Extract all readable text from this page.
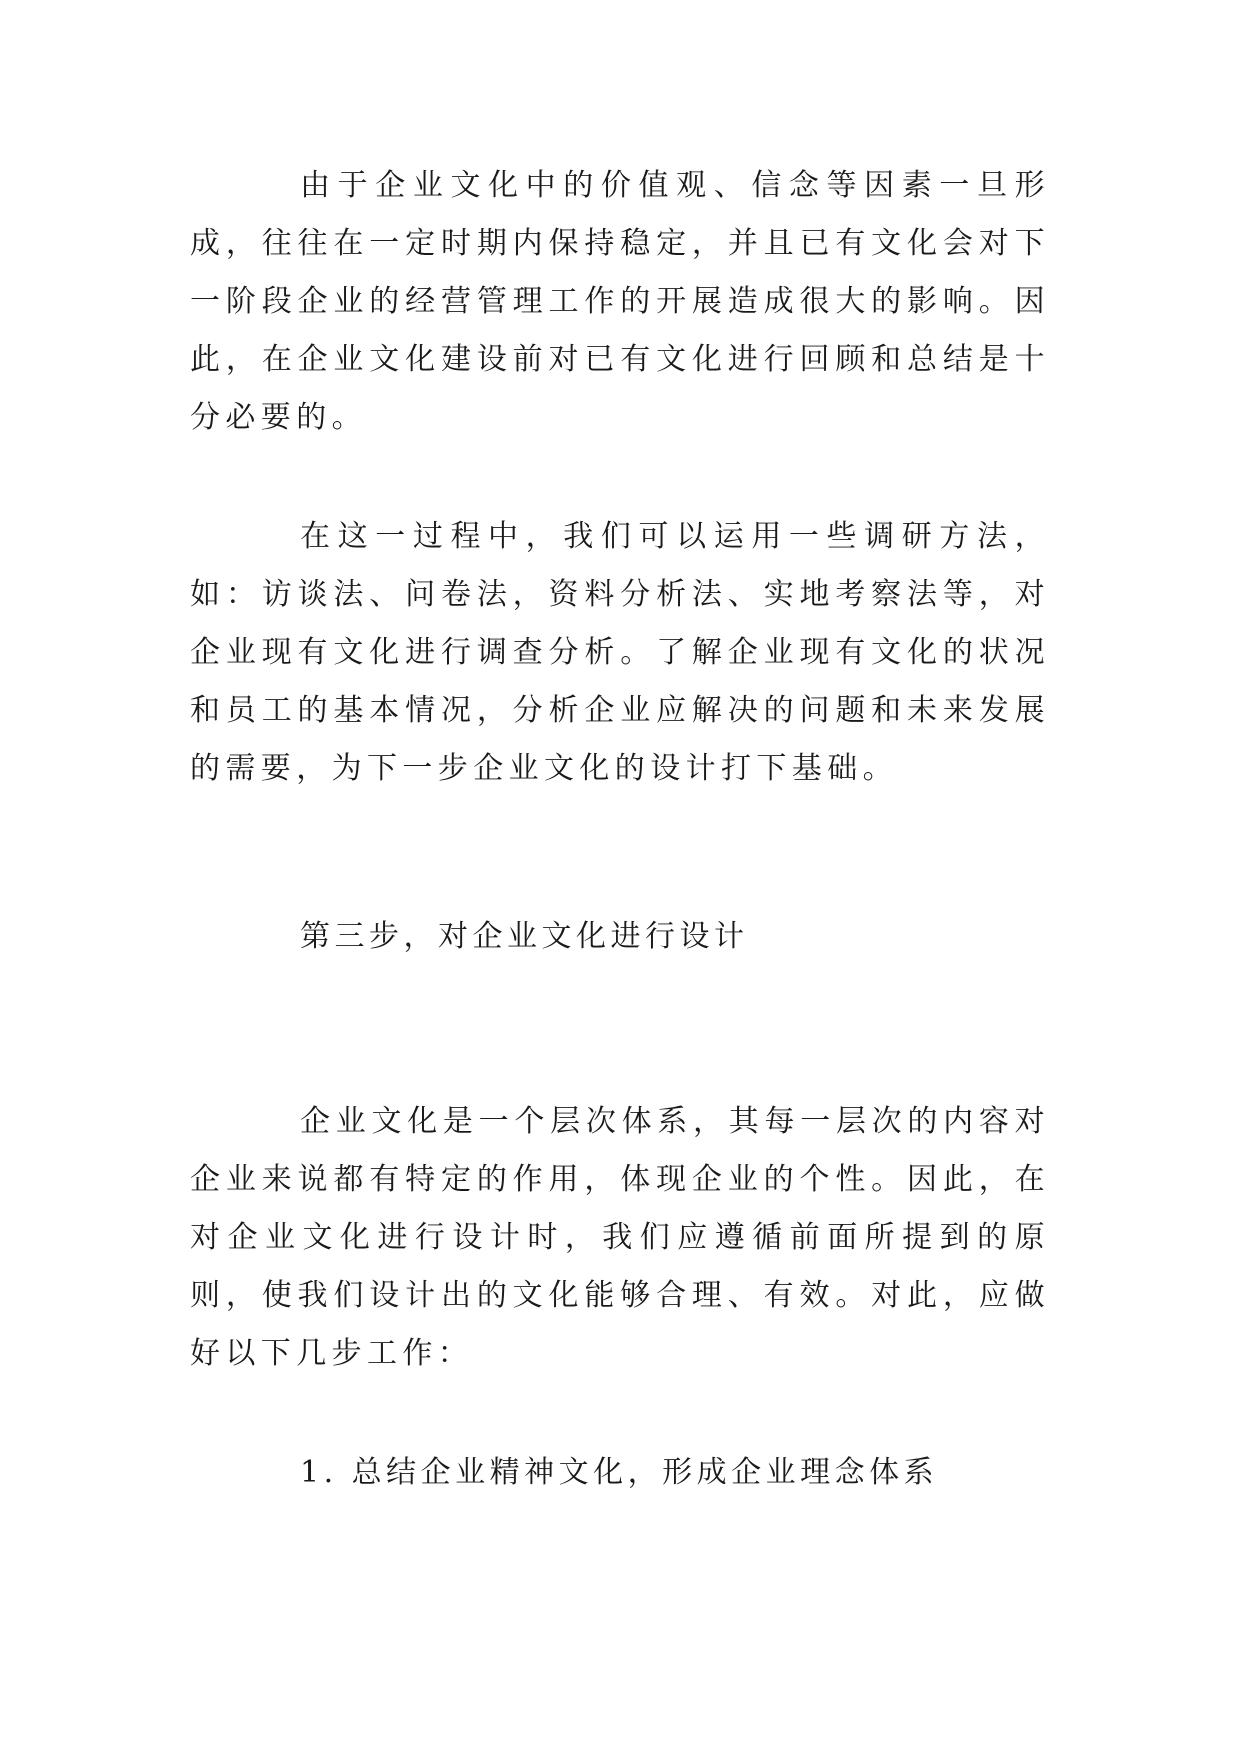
由于企业文化中的价值观、信念等因素一旦形成，往往在一定时期内保持稳定，并且已有文化会对下一阶段企业的经营管理工作的开展造成很大的影响。因此，在企业文化建设前对已有文化进行回顾和总结是十分必要的。

在这一过程中，我们可以运用一些调研方法，如：访谈法、问卷法，资料分析法、实地考察法等，对企业现有文化进行调查分析。了解企业现有文化的状况和员工的基本情况，分析企业应解决的问题和未来发展的需要，为下一步企业文化的设计打下基础。

第三步，对企业文化进行设计

企业文化是一个层次体系，其每一层次的内容对企业来说都有特定的作用，体现企业的个性。因此，在对企业文化进行设计时，我们应遵循前面所提到的原则，使我们设计出的文化能够合理、有效。对此，应做好以下几步工作：

1. 总结企业精神文化，形成企业理念体系
